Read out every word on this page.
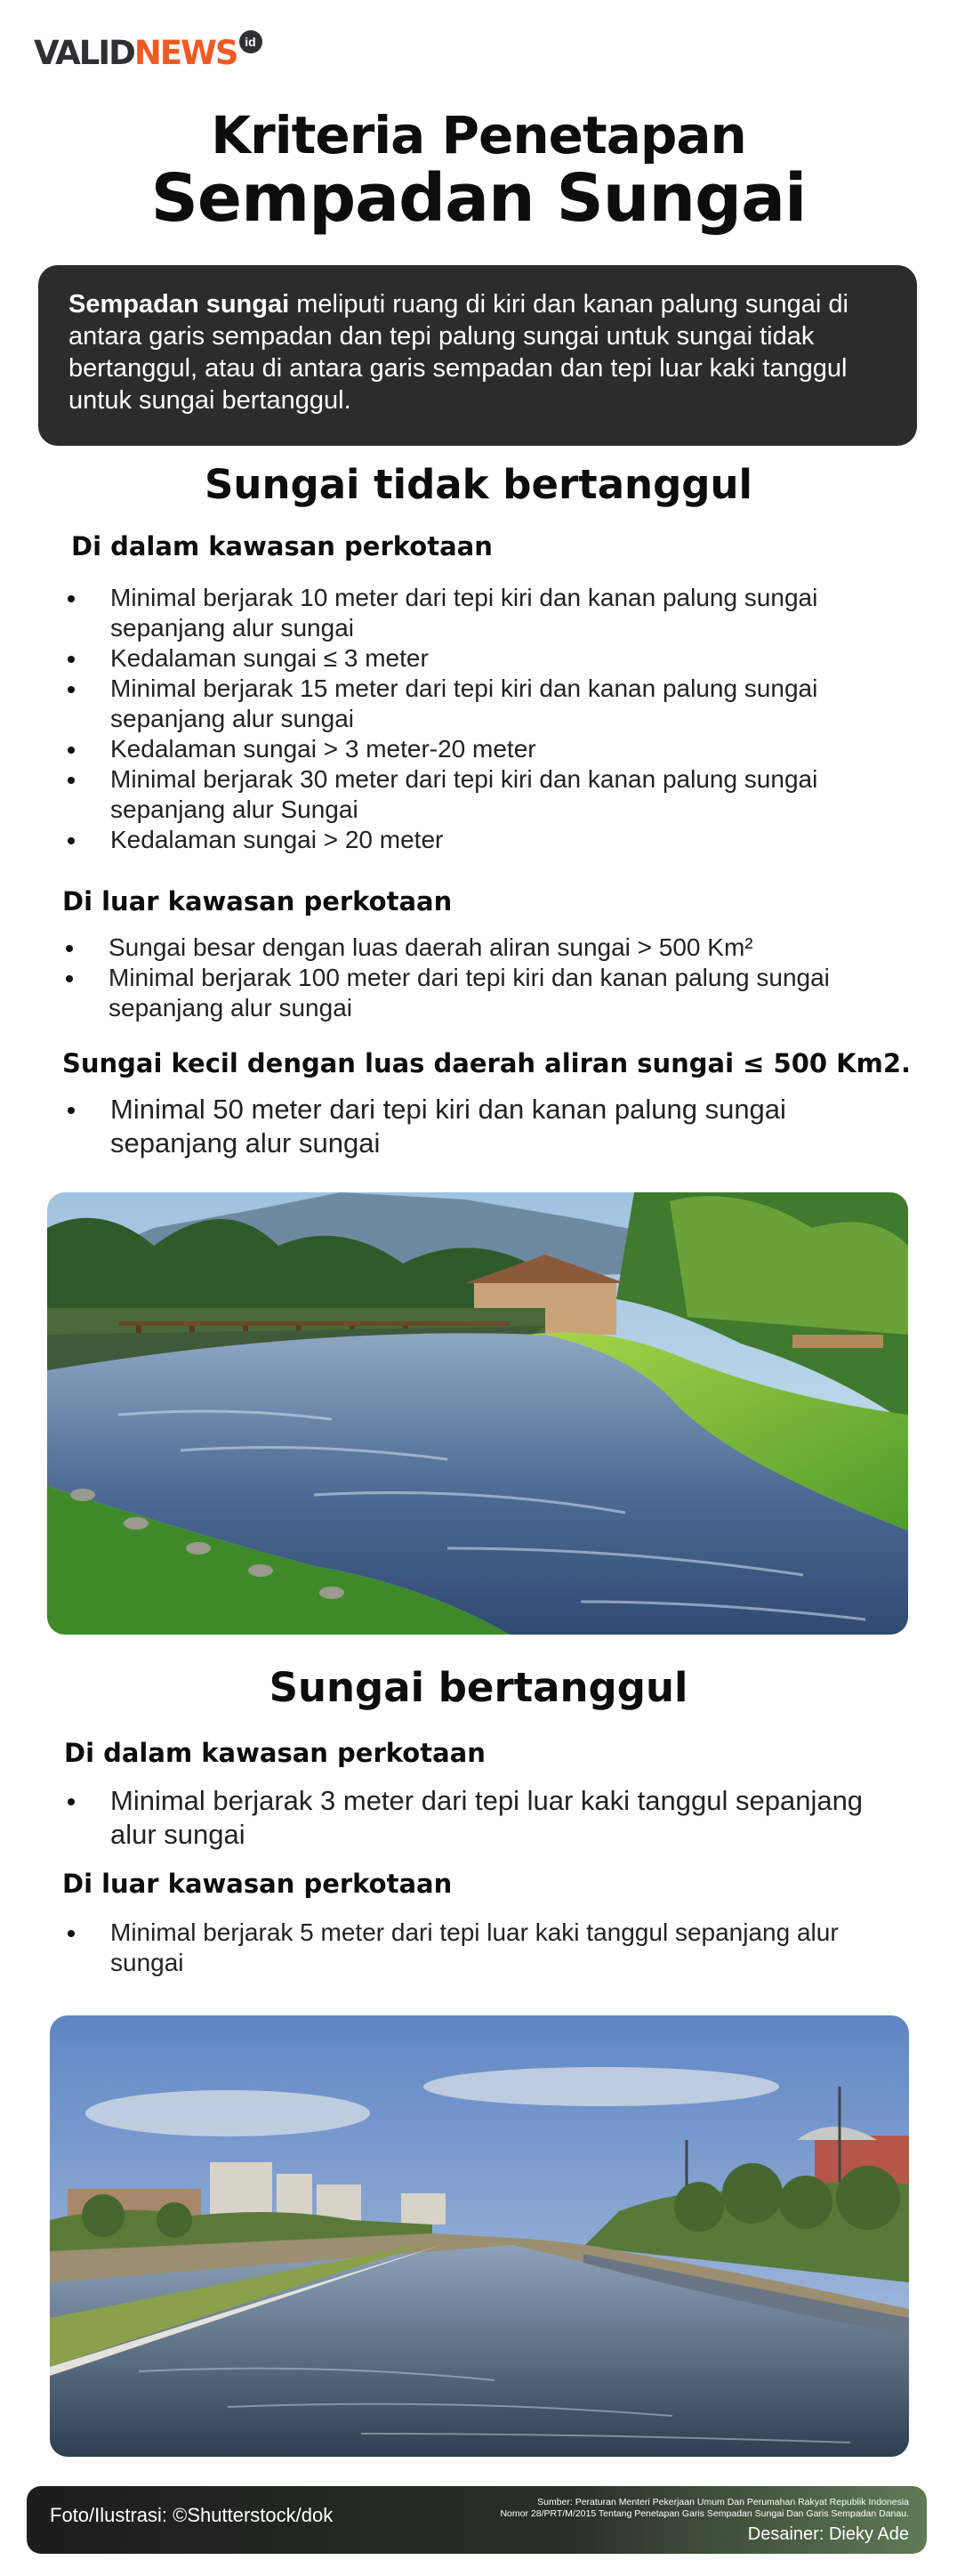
VALID NEWS id
Kriteria Penetapan
Sempadan Sungai
Sempadan sungai meliputi ruang di kiri dan kanan palung sungai di antara garis sempadan dan tepi palung sungai untuk sungai tidak bertanggul, atau di antara garis sempadan dan tepi luar kaki tanggul untuk sungai bertanggul.
Sungai tidak bertanggul
Di dalam kawasan perkotaan
Minimal berjarak 10 meter dari tepi kiri dan kanan palung sungai sepanjang alur sungai
Kedalaman sungai ≤ 3 meter
Minimal berjarak 15 meter dari tepi kiri dan kanan palung sungai sepanjang alur sungai
Kedalaman sungai > 3 meter-20 meter
Minimal berjarak 30 meter dari tepi kiri dan kanan palung sungai sepanjang alur Sungai
Kedalaman sungai > 20 meter
Di luar kawasan perkotaan
Sungai besar dengan luas daerah aliran sungai > 500 Km²
Minimal berjarak 100 meter dari tepi kiri dan kanan palung sungai sepanjang alur sungai
Sungai kecil dengan luas daerah aliran sungai ≤ 500 Km2.
Minimal 50 meter dari tepi kiri dan kanan palung sungai sepanjang alur sungai
Sungai bertanggul
Di dalam kawasan perkotaan
Minimal berjarak 3 meter dari tepi luar kaki tanggul sepanjang alur sungai
Di luar kawasan perkotaan
Minimal berjarak 5 meter dari tepi luar kaki tanggul sepanjang alur sungai
Foto/Ilustrasi: ©Shutterstock/dok
Sumber: Peraturan Menteri Pekerjaan Umum Dan Perumahan Rakyat Republik Indonesia
Nomor 28/PRT/M/2015 Tentang Penetapan Garis Sempadan Sungai Dan Garis Sempadan Danau.
Desainer: Dieky Ade
